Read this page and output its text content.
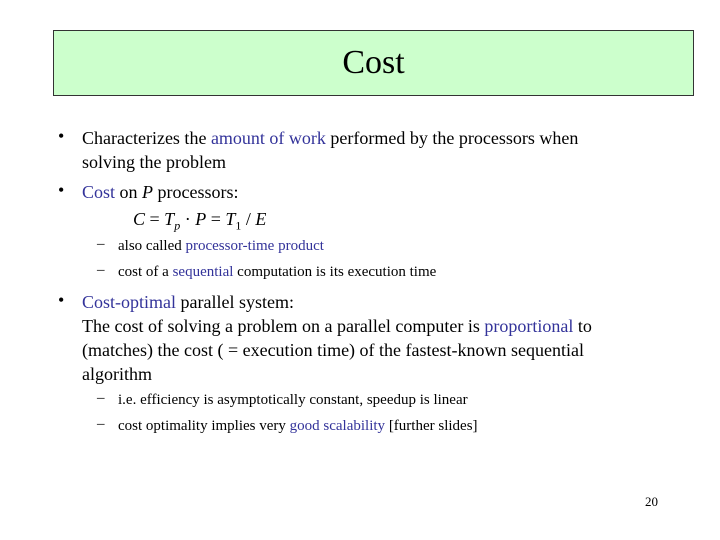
Cost
• Characterizes the amount of work performed by the processors when
solving the problem
• Cost on P processors:
$C = T_p \cdot P = T_1 / E$
– also called processor-time product
– cost of a sequential computation is its execution time
• Cost-optimal parallel system:
The cost of solving a problem on a parallel computer is proportional to
(matches) the cost ( = execution time) of the fastest-known sequential
algorithm
– i.e. efficiency is asymptotically constant, speedup is linear
– cost optimality implies very good scalability [further slides]
20
